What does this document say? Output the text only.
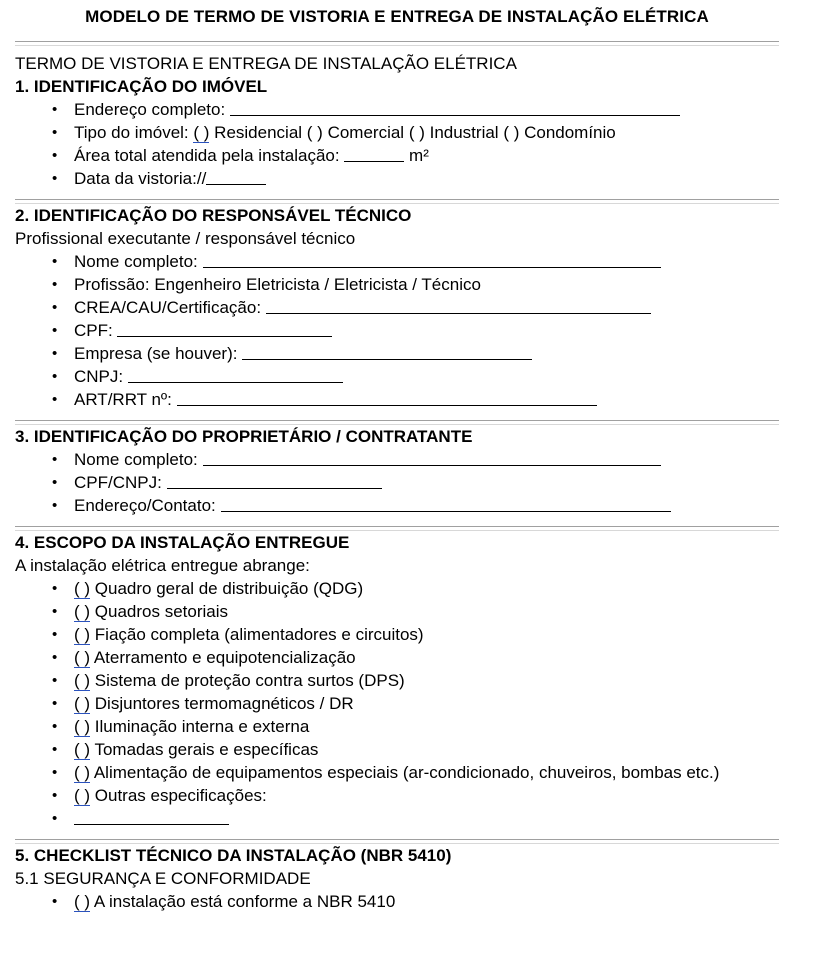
MODELO DE TERMO DE VISTORIA E ENTREGA DE INSTALAÇÃO ELÉTRICA
TERMO DE VISTORIA E ENTREGA DE INSTALAÇÃO ELÉTRICA
1. IDENTIFICAÇÃO DO IMÓVEL
• Endereço completo:
• Tipo do imóvel: ( ) Residencial ( ) Comercial ( ) Industrial ( ) Condomínio
• Área total atendida pela instalação:	m²
• Data da vistoria://
2. IDENTIFICAÇÃO DO RESPONSÁVEL TÉCNICO
Profissional executante / responsável técnico
• Nome completo:
• Profissão: Engenheiro Eletricista / Eletricista / Técnico
• CREA/CAU/Certificação:
• CPF:
• Empresa (se houver):
• CNPJ:
• ART/RRT nº:
3. IDENTIFICAÇÃO DO PROPRIETÁRIO / CONTRATANTE
• Nome completo:
• CPF/CNPJ:
• Endereço/Contato:
4. ESCOPO DA INSTALAÇÃO ENTREGUE
A instalação elétrica entregue abrange:
• ( ) Quadro geral de distribuição (QDG)
• ( ) Quadros setoriais
• ( ) Fiação completa (alimentadores e circuitos)
• ( ) Aterramento e equipotencialização
• ( ) Sistema de proteção contra surtos (DPS)
• ( ) Disjuntores termomagnéticos / DR
• ( ) Iluminação interna e externa
• ( ) Tomadas gerais e específicas
• ( ) Alimentação de equipamentos especiais (ar-condicionado, chuveiros, bombas etc.)
• ( ) Outras especificações:
•
5. CHECKLIST TÉCNICO DA INSTALAÇÃO (NBR 5410)
5.1 SEGURANÇA E CONFORMIDADE
• ( ) A instalação está conforme a NBR 5410
